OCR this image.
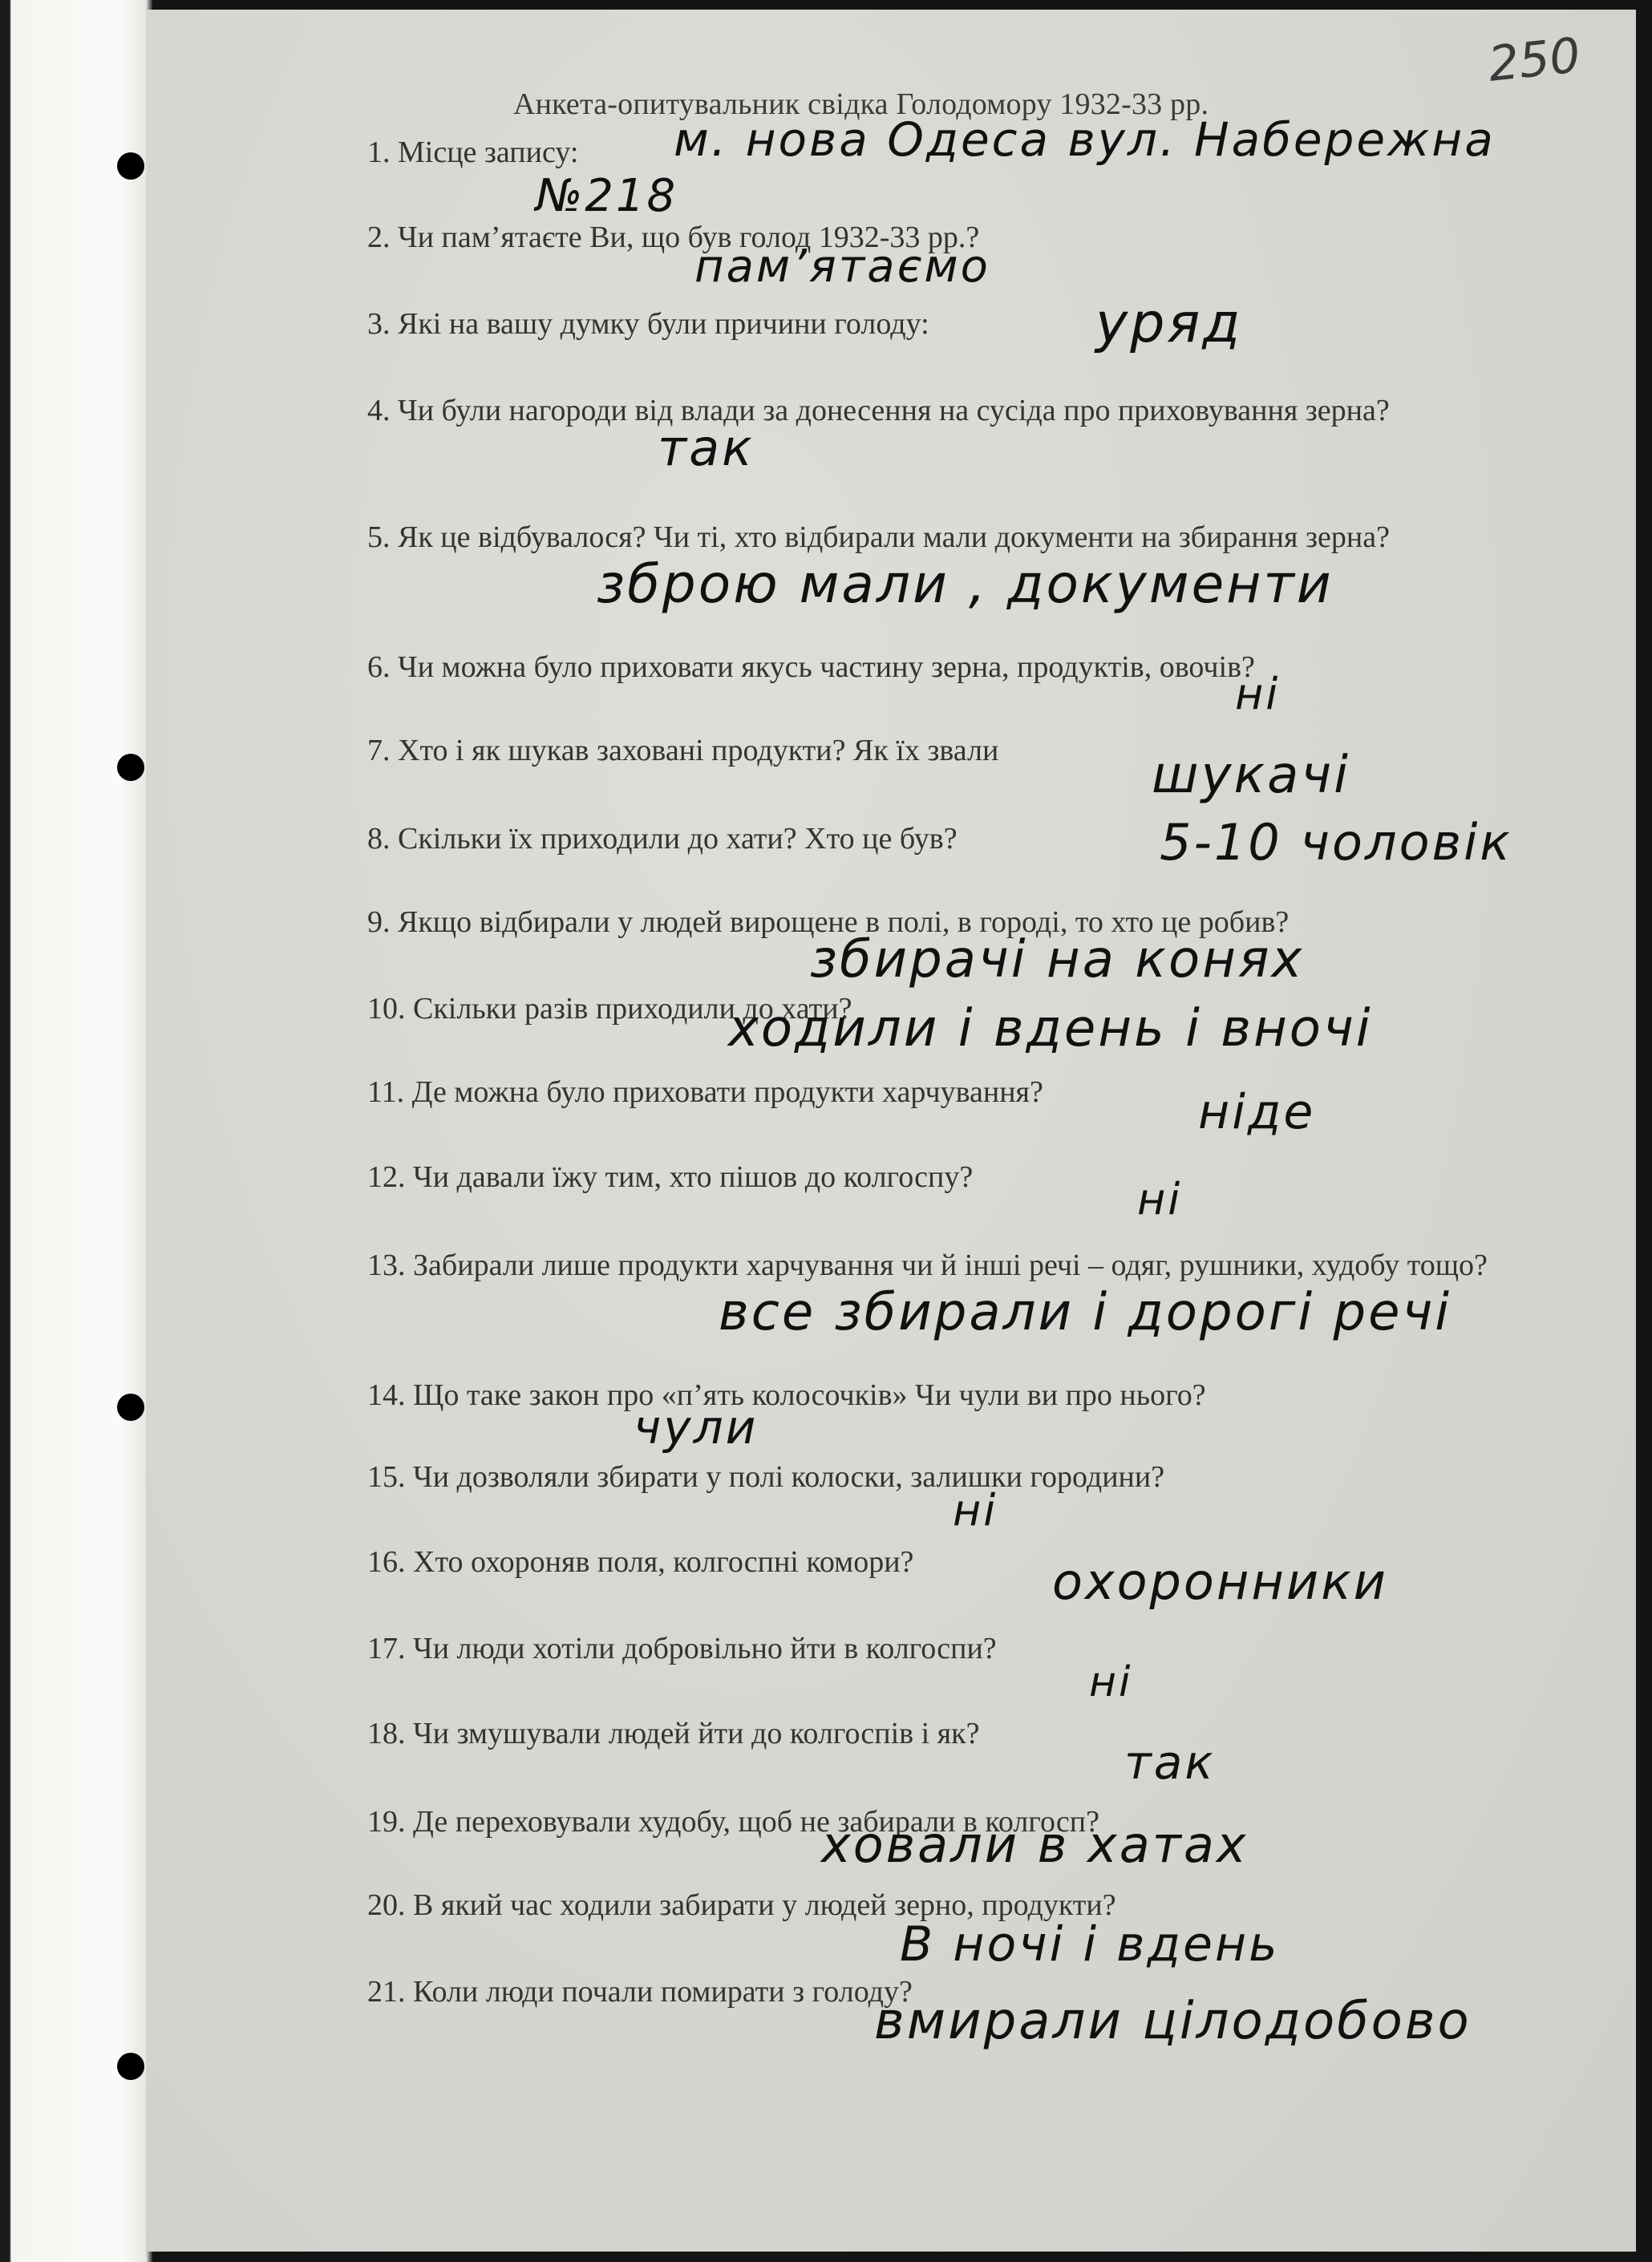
250
Анкета-опитувальник свідка Голодомору 1932-33 рр.
1. Місце запису:	м. нова Одеса вул. Набережна
№218
2. Чи пам’ятаєте Ви, що був голод 1932-33 рр.?
пам’ятаємо
3. Які на вашу думку були причини голоду:	уряд
4. Чи були нагороди від влади за донесення на сусіда про приховування зерна?
так
5. Як це відбувалося? Чи ті, хто відбирали мали документи на збирання зерна?
зброю мали , документи
6. Чи можна було приховати якусь частину зерна, продуктів, овочів?
ні
7. Хто і як шукав заховані продукти? Як їх звали	шукачі
8. Скільки їх приходили до хати? Хто це був?	5-10 чоловік
9. Якщо відбирали у людей вирощене в полі, в городі, то хто це робив?
збирачі на конях
10. Скільки разів приходили до хати?
ходили і вдень і вночі
11. Де можна було приховати продукти харчування?	ніде
12. Чи давали їжу тим, хто пішов до колгоспу?	ні
13. Забирали лише продукти харчування чи й інші речі – одяг, рушники, худобу тощо?
все збирали і дорогі речі
14. Що таке закон про «п’ять колосочків» Чи чули ви про нього?
чули
15. Чи дозволяли збирати у полі колоски, залишки городини?
ні
16. Хто охороняв поля, колгоспні комори?	охоронники
17. Чи люди хотіли добровільно йти в колгоспи?
ні
18. Чи змушували людей йти до колгоспів і як?
так
19. Де переховували худобу, щоб не забирали в колгосп?
ховали в хатах
20. В який час ходили забирати у людей зерно, продукти?
В ночі і вдень
21. Коли люди почали помирати з голоду?
вмирали цілодобово
